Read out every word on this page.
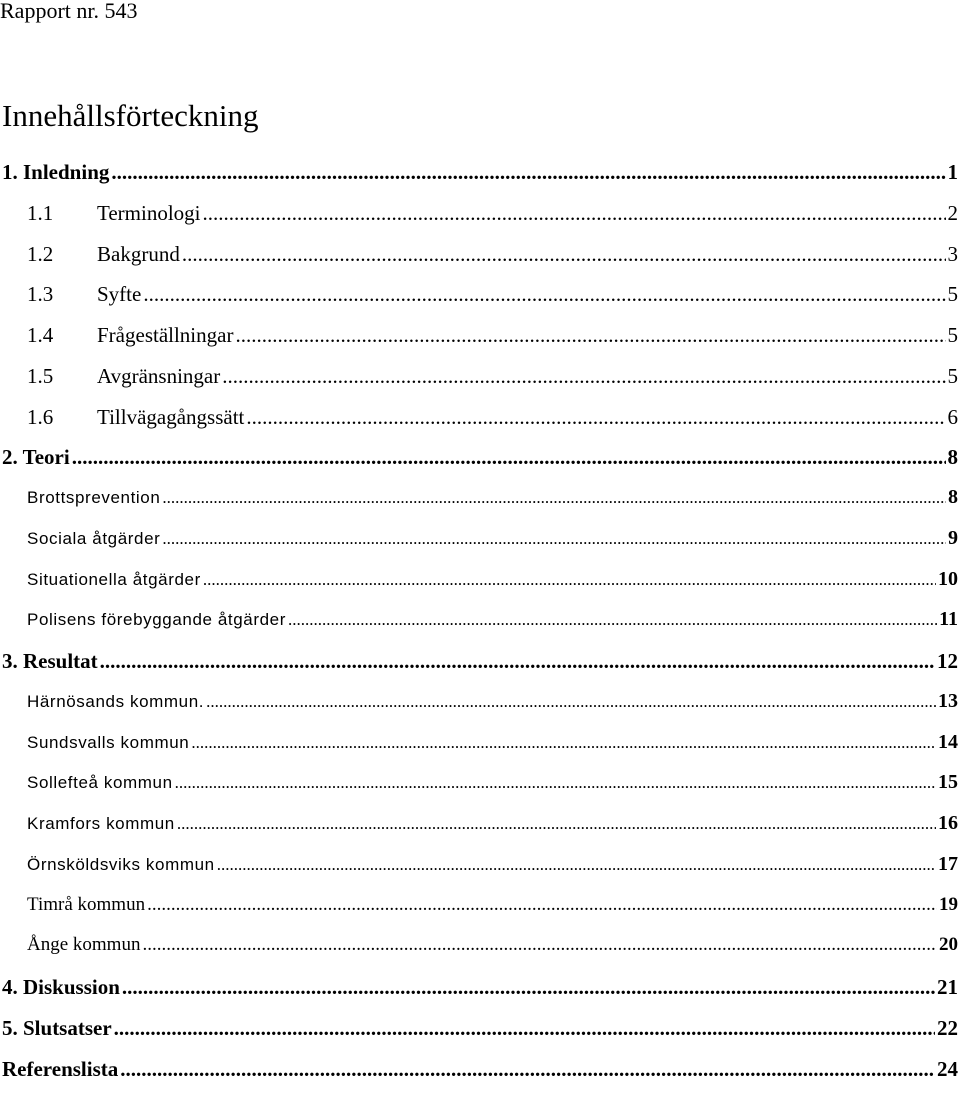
Rapport nr. 543
Innehållsförteckning
1. Inledning .....	1
1.1	Terminologi .....	2
1.2	Bakgrund .....	3
1.3	Syfte .....	5
1.4	Frågeställningar .....	5
1.5	Avgränsningar .....	5
1.6	Tillvägagångssätt .....	6
2. Teori .....	8
Brottsprevention .....	8
Sociala åtgärder .....	9
Situationella åtgärder .....	10
Polisens förebyggande åtgärder .....	11
3. Resultat .....	12
Härnösands kommun. .....	13
Sundsvalls kommun .....	14
Sollefteå kommun .....	15
Kramfors kommun .....	16
Örnsköldsviks kommun .....	17
Timrå kommun .....	19
Ånge kommun .....	20
4. Diskussion .....	21
5. Slutsatser .....	22
Referenslista .....	24
